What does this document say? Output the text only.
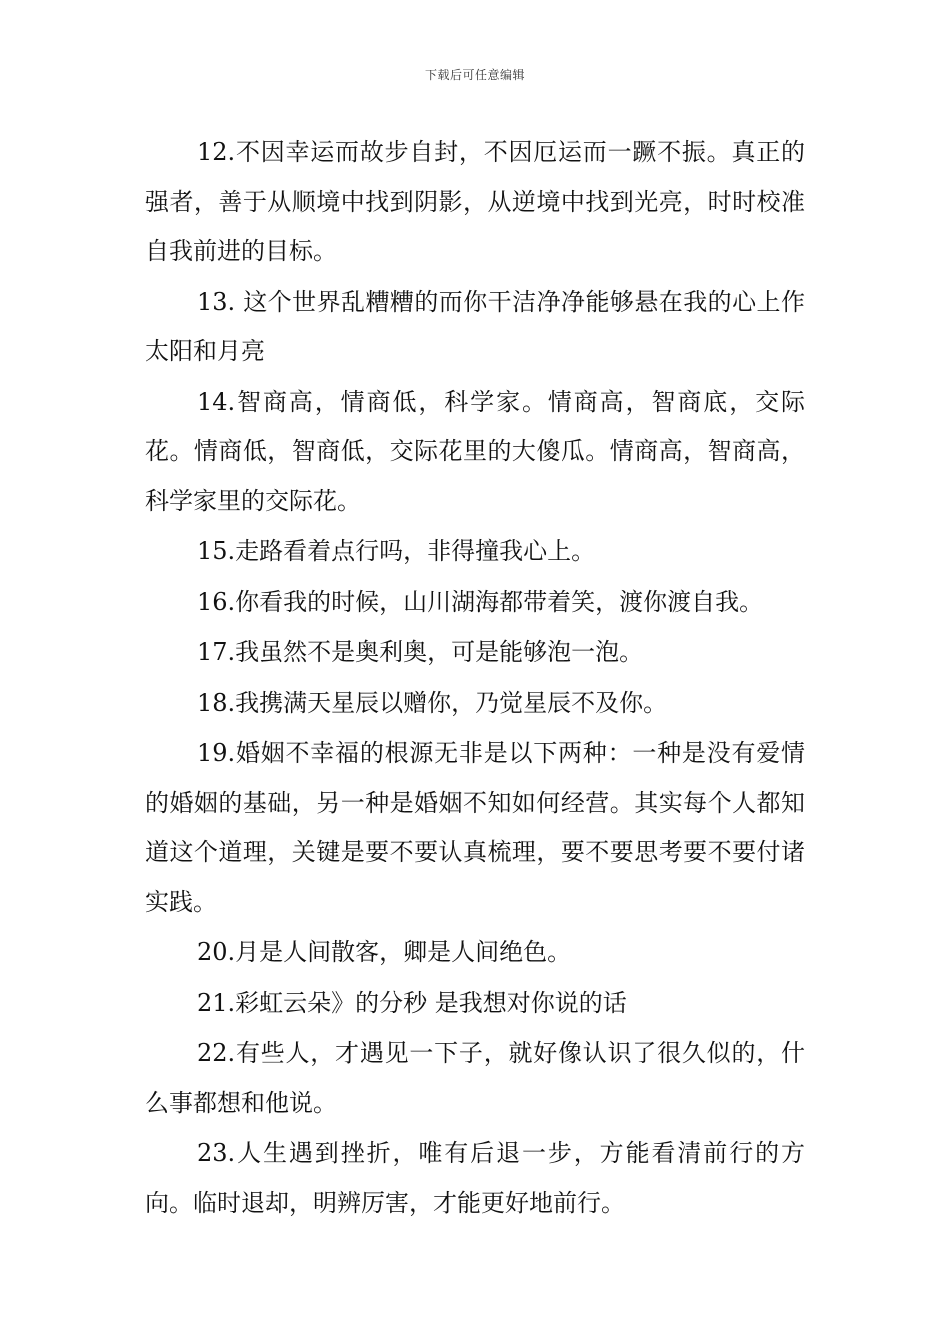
下载后可任意编辑

12.不因幸运而故步自封，不因厄运而一蹶不振。真正的强者，善于从顺境中找到阴影，从逆境中找到光亮，时时校准自我前进的目标。

13. 这个世界乱糟糟的而你干洁净净能够悬在我的心上作太阳和月亮

14.智商高，情商低，科学家。情商高，智商底，交际花。情商低，智商低，交际花里的大傻瓜。情商高，智商高，科学家里的交际花。

15.走路看着点行吗，非得撞我心上。

16.你看我的时候，山川湖海都带着笑，渡你渡自我。

17.我虽然不是奥利奥，可是能够泡一泡。

18.我携满天星辰以赠你，乃觉星辰不及你。

19.婚姻不幸福的根源无非是以下两种：一种是没有爱情的婚姻的基础，另一种是婚姻不知如何经营。其实每个人都知道这个道理，关键是要不要认真梳理，要不要思考要不要付诸实践。

20.月是人间散客，卿是人间绝色。

21.彩虹云朵》的分秒 是我想对你说的话

22.有些人，才遇见一下子，就好像认识了很久似的，什么事都想和他说。

23.人生遇到挫折，唯有后退一步，方能看清前行的方向。临时退却，明辨厉害，才能更好地前行。
